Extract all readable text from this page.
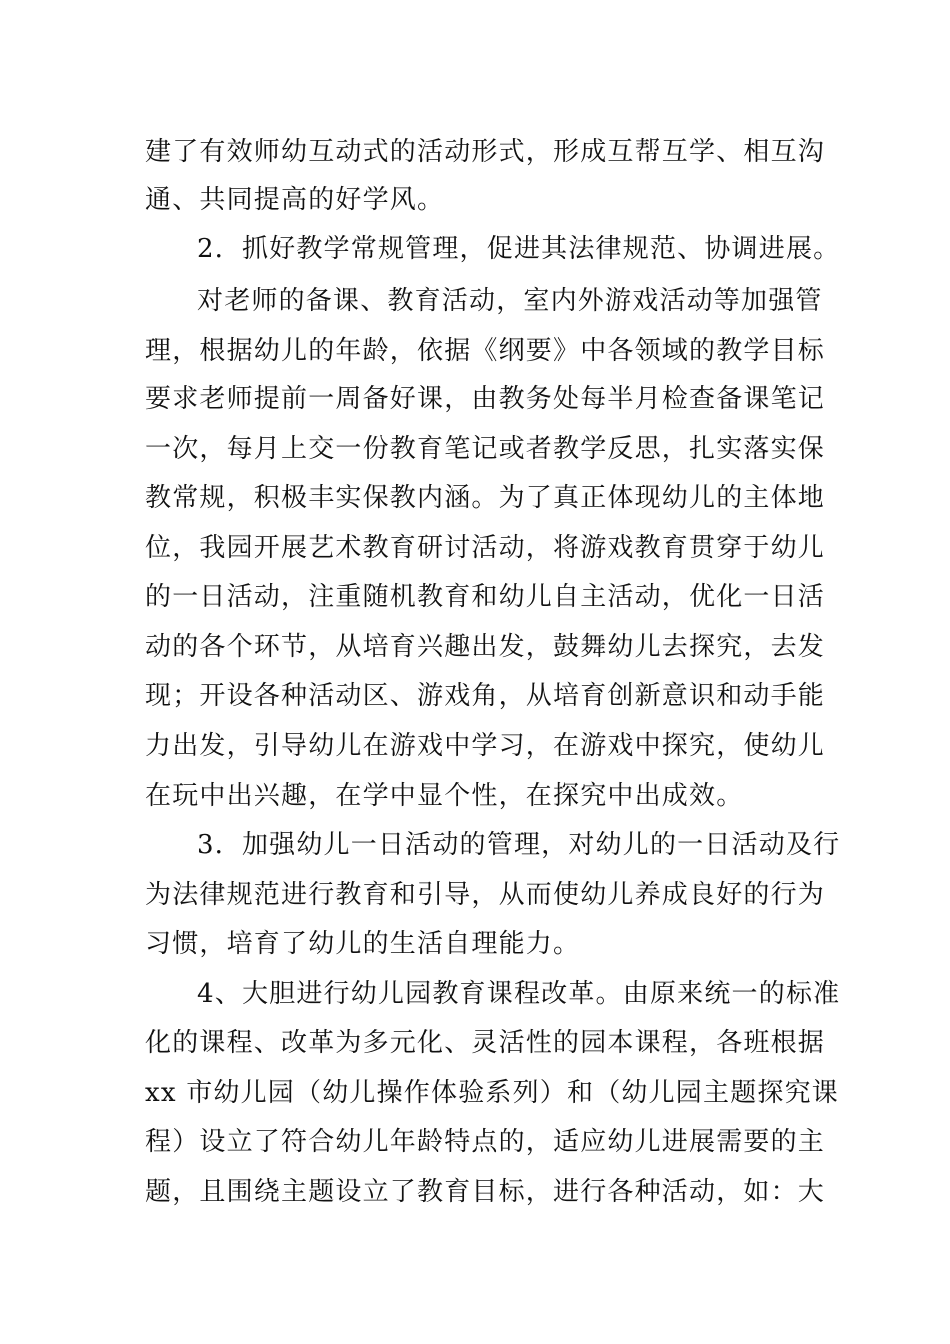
建了有效师幼互动式的活动形式，形成互帮互学、相互沟
通、共同提高的好学风。
2．抓好教学常规管理，促进其法律规范、协调进展。
对老师的备课、教育活动，室内外游戏活动等加强管
理，根据幼儿的年龄，依据《纲要》中各领域的教学目标
要求老师提前一周备好课，由教务处每半月检查备课笔记
一次，每月上交一份教育笔记或者教学反思，扎实落实保
教常规，积极丰实保教内涵。为了真正体现幼儿的主体地
位，我园开展艺术教育研讨活动，将游戏教育贯穿于幼儿
的一日活动，注重随机教育和幼儿自主活动，优化一日活
动的各个环节，从培育兴趣出发，鼓舞幼儿去探究，去发
现；开设各种活动区、游戏角，从培育创新意识和动手能
力出发，引导幼儿在游戏中学习，在游戏中探究，使幼儿
在玩中出兴趣，在学中显个性，在探究中出成效。
3．加强幼儿一日活动的管理，对幼儿的一日活动及行
为法律规范进行教育和引导，从而使幼儿养成良好的行为
习惯，培育了幼儿的生活自理能力。
4、大胆进行幼儿园教育课程改革。由原来统一的标准
化的课程、改革为多元化、灵活性的园本课程，各班根据
xx 市幼儿园（幼儿操作体验系列）和（幼儿园主题探究课
程）设立了符合幼儿年龄特点的，适应幼儿进展需要的主
题，且围绕主题设立了教育目标，进行各种活动，如：大
